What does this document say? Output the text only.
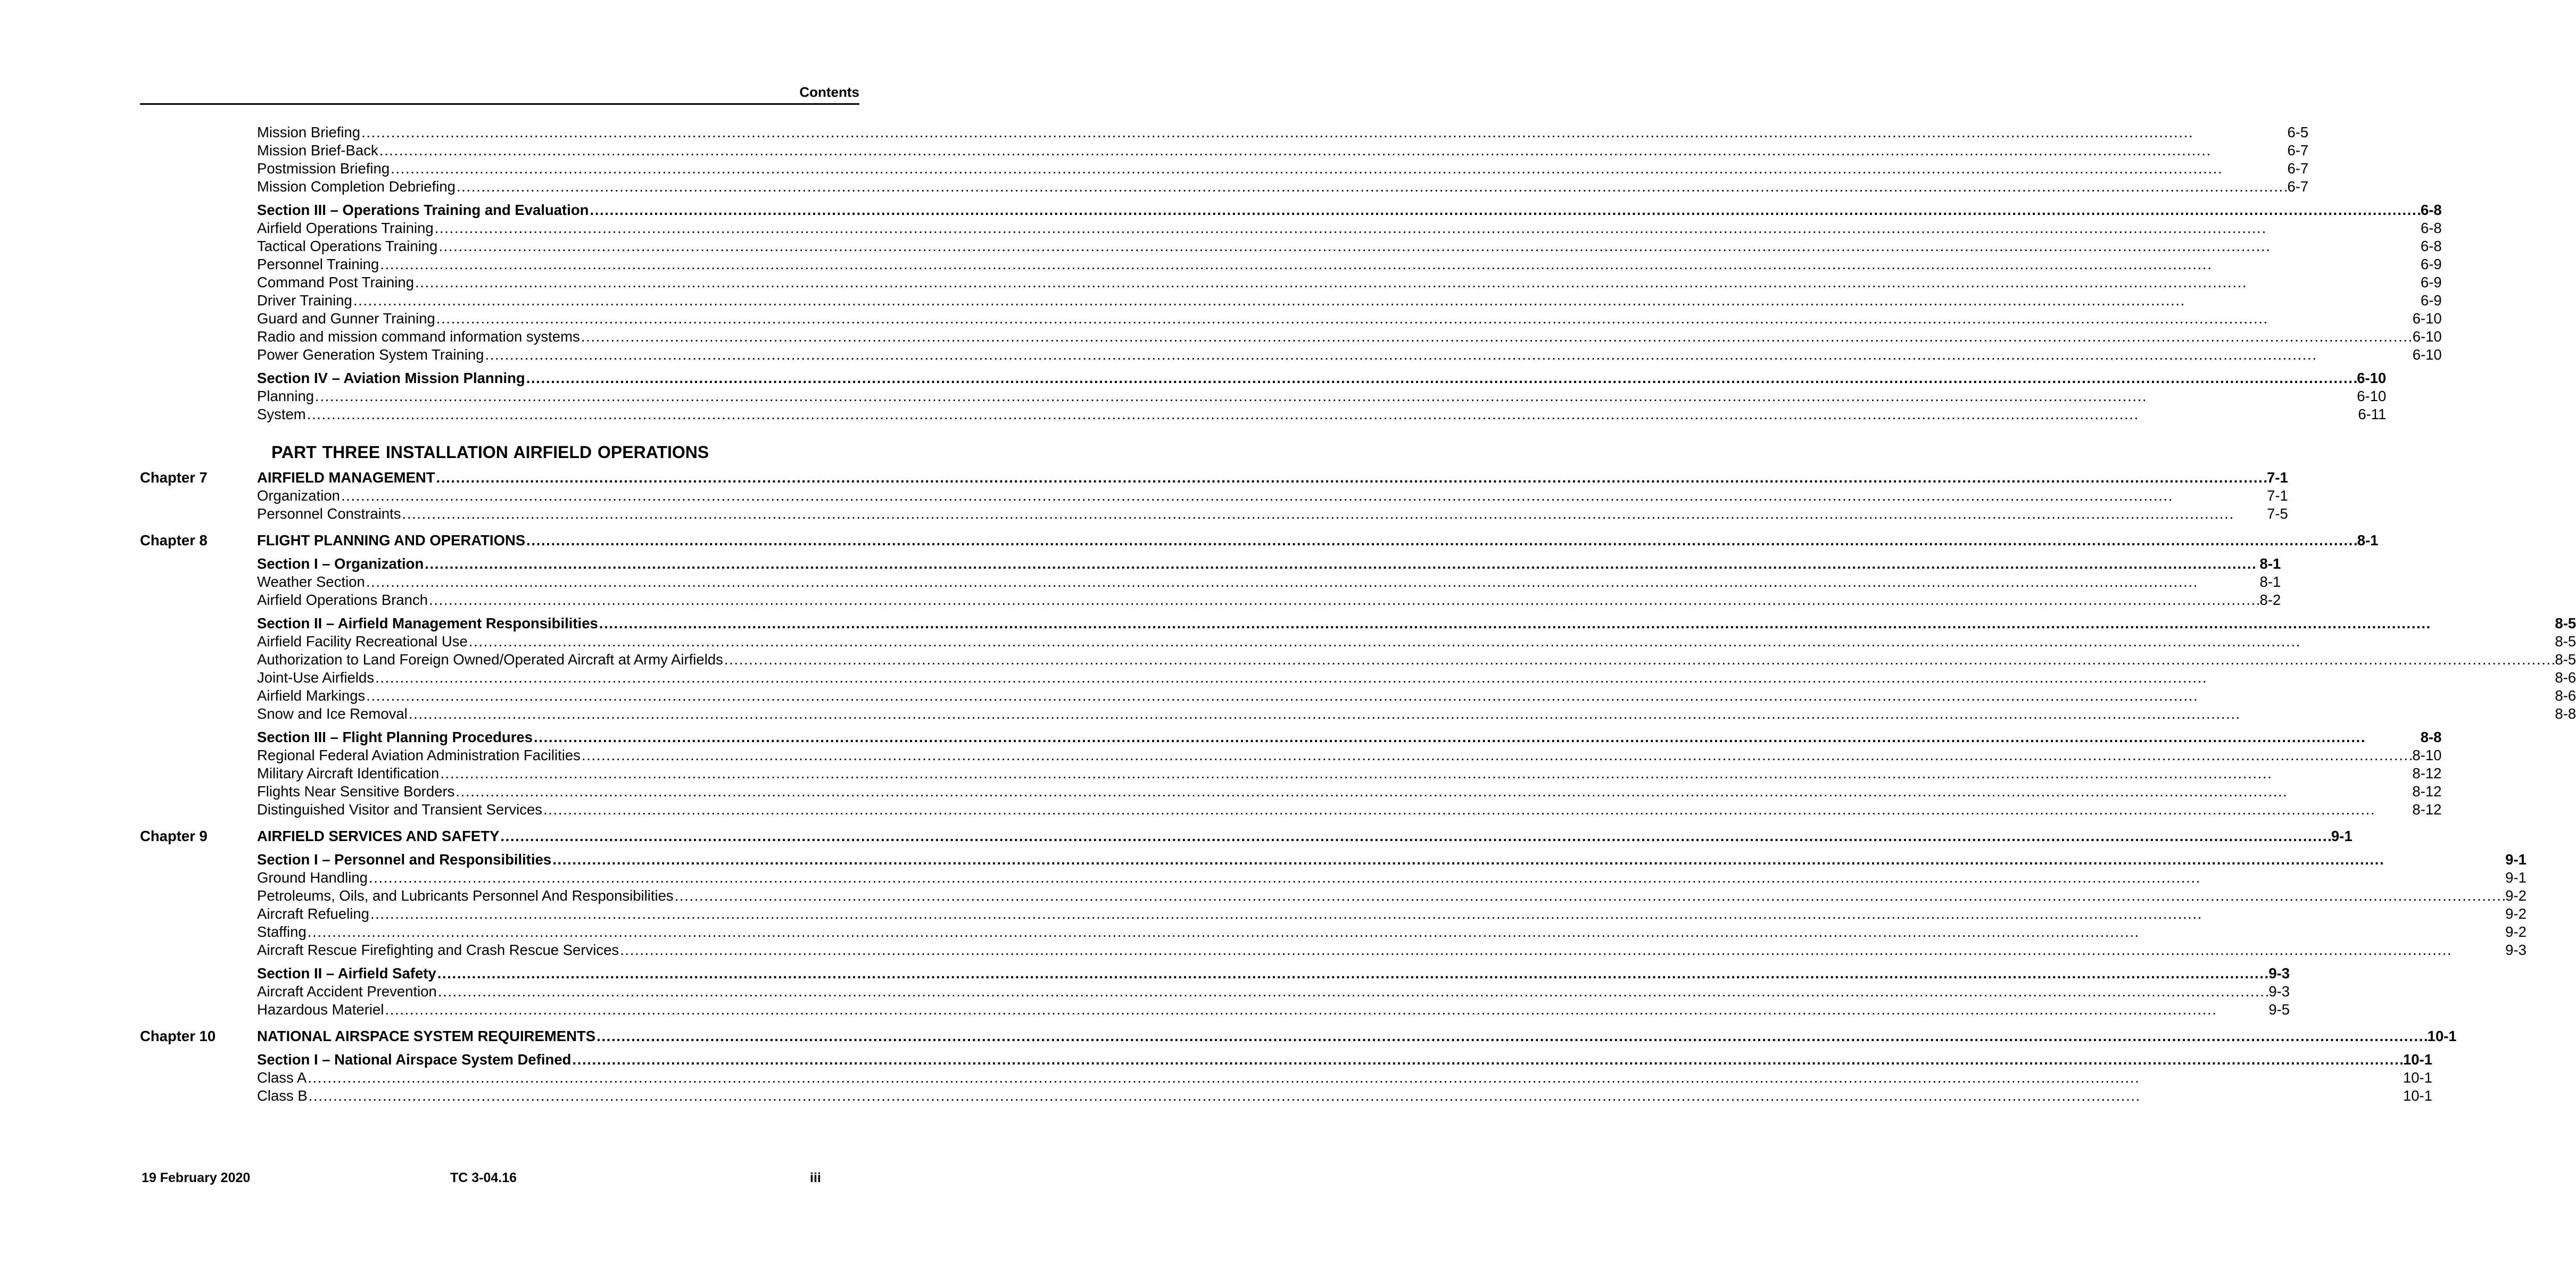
Contents
Mission Briefing . . .	6-5
Mission Brief-Back . . .	6-7
Postmission Briefing . . .	6-7
Mission Completion Debriefing . . .	6-7
Section III – Operations Training and Evaluation . . .	6-8
Airfield Operations Training . . .	6-8
Tactical Operations Training . . .	6-8
Personnel Training . . .	6-9
Command Post Training . . .	6-9
Driver Training . . .	6-9
Guard and Gunner Training . . .	6-10
Radio and mission command information systems . . .	6-10
Power Generation System Training . . .	6-10
Section IV – Aviation Mission Planning . . .	6-10
Planning . . .	6-10
System . . .	6-11
PART THREE INSTALLATION AIRFIELD OPERATIONS
Chapter 7	AIRFIELD MANAGEMENT . . .	7-1
Organization . . .	7-1
Personnel Constraints . . .	7-5
Chapter 8	FLIGHT PLANNING AND OPERATIONS . . .	8-1
Section I – Organization . . .	8-1
Weather Section . . .	8-1
Airfield Operations Branch . . .	8-2
Section II – Airfield Management Responsibilities . . .	8-5
Airfield Facility Recreational Use . . .	8-5
Authorization to Land Foreign Owned/Operated Aircraft at Army Airfields . . .	8-5
Joint-Use Airfields . . .	8-6
Airfield Markings . . .	8-6
Snow and Ice Removal . . .	8-8
Section III – Flight Planning Procedures . . .	8-8
Regional Federal Aviation Administration Facilities . . .	8-10
Military Aircraft Identification . . .	8-12
Flights Near Sensitive Borders . . .	8-12
Distinguished Visitor and Transient Services . . .	8-12
Chapter 9	AIRFIELD SERVICES AND SAFETY . . .	9-1
Section I – Personnel and Responsibilities . . .	9-1
Ground Handling . . .	9-1
Petroleums, Oils, and Lubricants Personnel And Responsibilities . . .	9-2
Aircraft Refueling . . .	9-2
Staffing . . .	9-2
Aircraft Rescue Firefighting and Crash Rescue Services . . .	9-3
Section II – Airfield Safety . . .	9-3
Aircraft Accident Prevention . . .	9-3
Hazardous Materiel . . .	9-5
Chapter 10	NATIONAL AIRSPACE SYSTEM REQUIREMENTS . . .	10-1
Section I – National Airspace System Defined . . .	10-1
Class A . . .	10-1
Class B . . .	10-1
19 February 2020	TC 3-04.16	iii
